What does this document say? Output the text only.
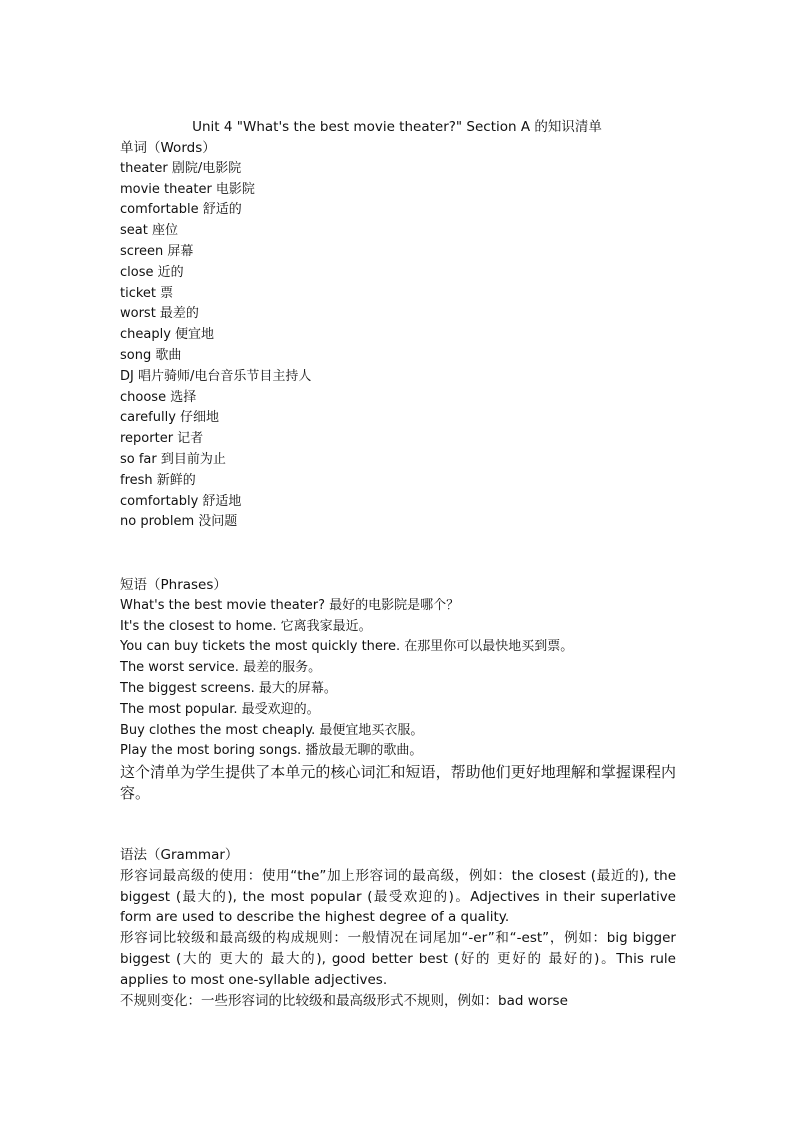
Unit 4 "What's the best movie theater?" Section A 的知识清单
单词（Words）
theater 剧院/电影院
movie theater 电影院
comfortable 舒适的
seat 座位
screen 屏幕
close 近的
ticket 票
worst 最差的
cheaply 便宜地
song 歌曲
DJ 唱片骑师/电台音乐节目主持人
choose 选择
carefully 仔细地
reporter 记者
so far 到目前为止
fresh 新鲜的
comfortably 舒适地
no problem 没问题
短语（Phrases）
What's the best movie theater? 最好的电影院是哪个？
It's the closest to home. 它离我家最近。
You can buy tickets the most quickly there. 在那里你可以最快地买到票。
The worst service. 最差的服务。
The biggest screens. 最大的屏幕。
The most popular. 最受欢迎的。
Buy clothes the most cheaply. 最便宜地买衣服。
Play the most boring songs. 播放最无聊的歌曲。
这个清单为学生提供了本单元的核心词汇和短语，帮助他们更好地理解和掌握课程内容。
语法（Grammar）
形容词最高级的使用：使用“the”加上形容词的最高级，例如：the closest (最近的), the biggest (最大的), the most popular (最受欢迎的)。Adjectives in their superlative form are used to describe the highest degree of a quality.
形容词比较级和最高级的构成规则：一般情况在词尾加“-er”和“-est”，例如：big bigger biggest (大的 更大的 最大的), good better best (好的 更好的 最好的)。This rule applies to most one-syllable adjectives.
不规则变化：一些形容词的比较级和最高级形式不规则，例如：bad worse
